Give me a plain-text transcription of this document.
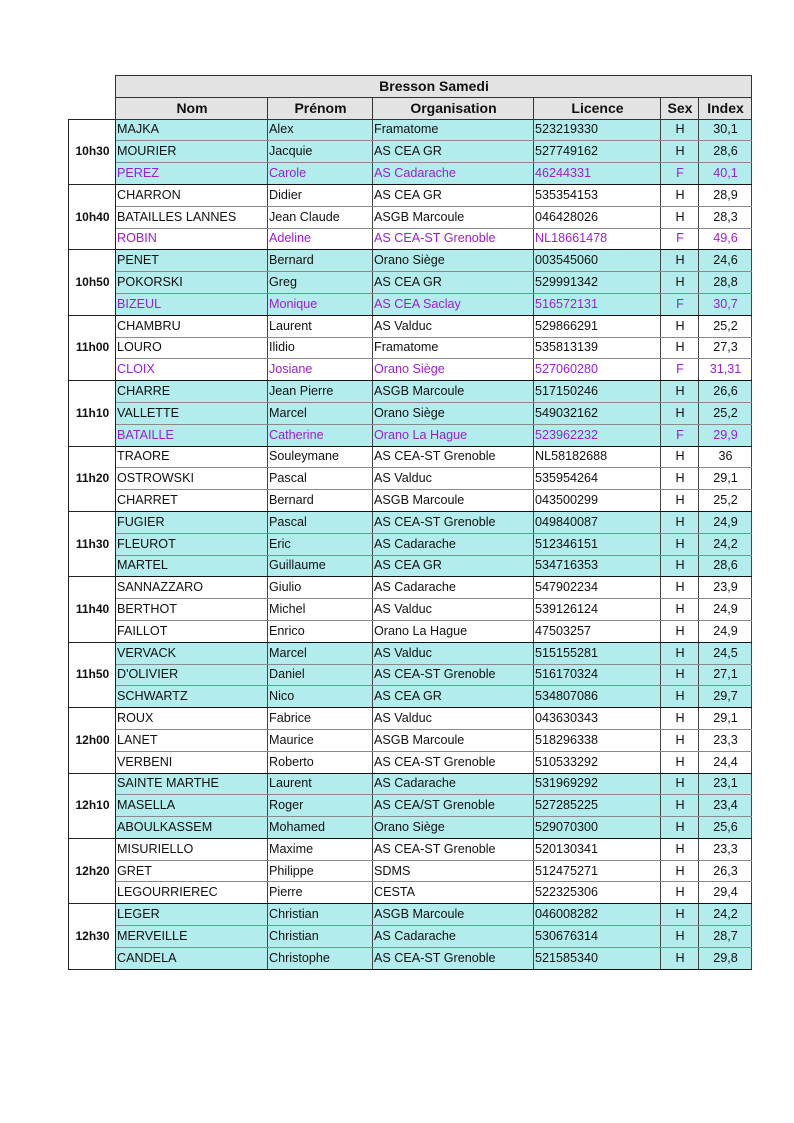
	Bresson Samedi					
	Nom	Prénom	Organisation	Licence	Sex	Index
10h30	MAJKA	Alex	Framatome	523219330	H	30,1
	MOURIER	Jacquie	AS CEA GR	527749162	H	28,6
	PEREZ	Carole	AS Cadarache	46244331	F	40,1
10h40	CHARRON	Didier	AS CEA GR	535354153	H	28,9
	BATAILLES LANNES	Jean Claude	ASGB Marcoule	046428026	H	28,3
	ROBIN	Adeline	AS CEA-ST Grenoble	NL18661478	F	49,6
10h50	PENET	Bernard	Orano Siège	003545060	H	24,6
	POKORSKI	Greg	AS CEA GR	529991342	H	28,8
	BIZEUL	Monique	AS CEA Saclay	516572131	F	30,7
11h00	CHAMBRU	Laurent	AS Valduc	529866291	H	25,2
	LOURO	Ilidio	Framatome	535813139	H	27,3
	CLOIX	Josiane	Orano Siège	527060280	F	31,31
11h10	CHARRE	Jean Pierre	ASGB Marcoule	517150246	H	26,6
	VALLETTE	Marcel	Orano Siège	549032162	H	25,2
	BATAILLE	Catherine	Orano La Hague	523962232	F	29,9
11h20	TRAORE	Souleymane	AS CEA-ST Grenoble	NL58182688	H	36
	OSTROWSKI	Pascal	AS Valduc	535954264	H	29,1
	CHARRET	Bernard	ASGB Marcoule	043500299	H	25,2
11h30	FUGIER	Pascal	AS CEA-ST Grenoble	049840087	H	24,9
	FLEUROT	Eric	AS Cadarache	512346151	H	24,2
	MARTEL	Guillaume	AS CEA GR	534716353	H	28,6
11h40	SANNAZZARO	Giulio	AS Cadarache	547902234	H	23,9
	BERTHOT	Michel	AS Valduc	539126124	H	24,9
	FAILLOT	Enrico	Orano La Hague	47503257	H	24,9
11h50	VERVACK	Marcel	AS Valduc	515155281	H	24,5
	D'OLIVIER	Daniel	AS CEA-ST Grenoble	516170324	H	27,1
	SCHWARTZ	Nico	AS CEA GR	534807086	H	29,7
12h00	ROUX	Fabrice	AS Valduc	043630343	H	29,1
	LANET	Maurice	ASGB Marcoule	518296338	H	23,3
	VERBENI	Roberto	AS CEA-ST Grenoble	510533292	H	24,4
12h10	SAINTE MARTHE	Laurent	AS Cadarache	531969292	H	23,1
	MASELLA	Roger	AS CEA/ST Grenoble	527285225	H	23,4
	ABOULKASSEM	Mohamed	Orano Siège	529070300	H	25,6
12h20	MISURIELLO	Maxime	AS CEA-ST Grenoble	520130341	H	23,3
	GRET	Philippe	SDMS	512475271	H	26,3
	LEGOURRIEREC	Pierre	CESTA	522325306	H	29,4
12h30	LEGER	Christian	ASGB Marcoule	046008282	H	24,2
	MERVEILLE	Christian	AS Cadarache	530676314	H	28,7
	CANDELA	Christophe	AS CEA-ST Grenoble	521585340	H	29,8
